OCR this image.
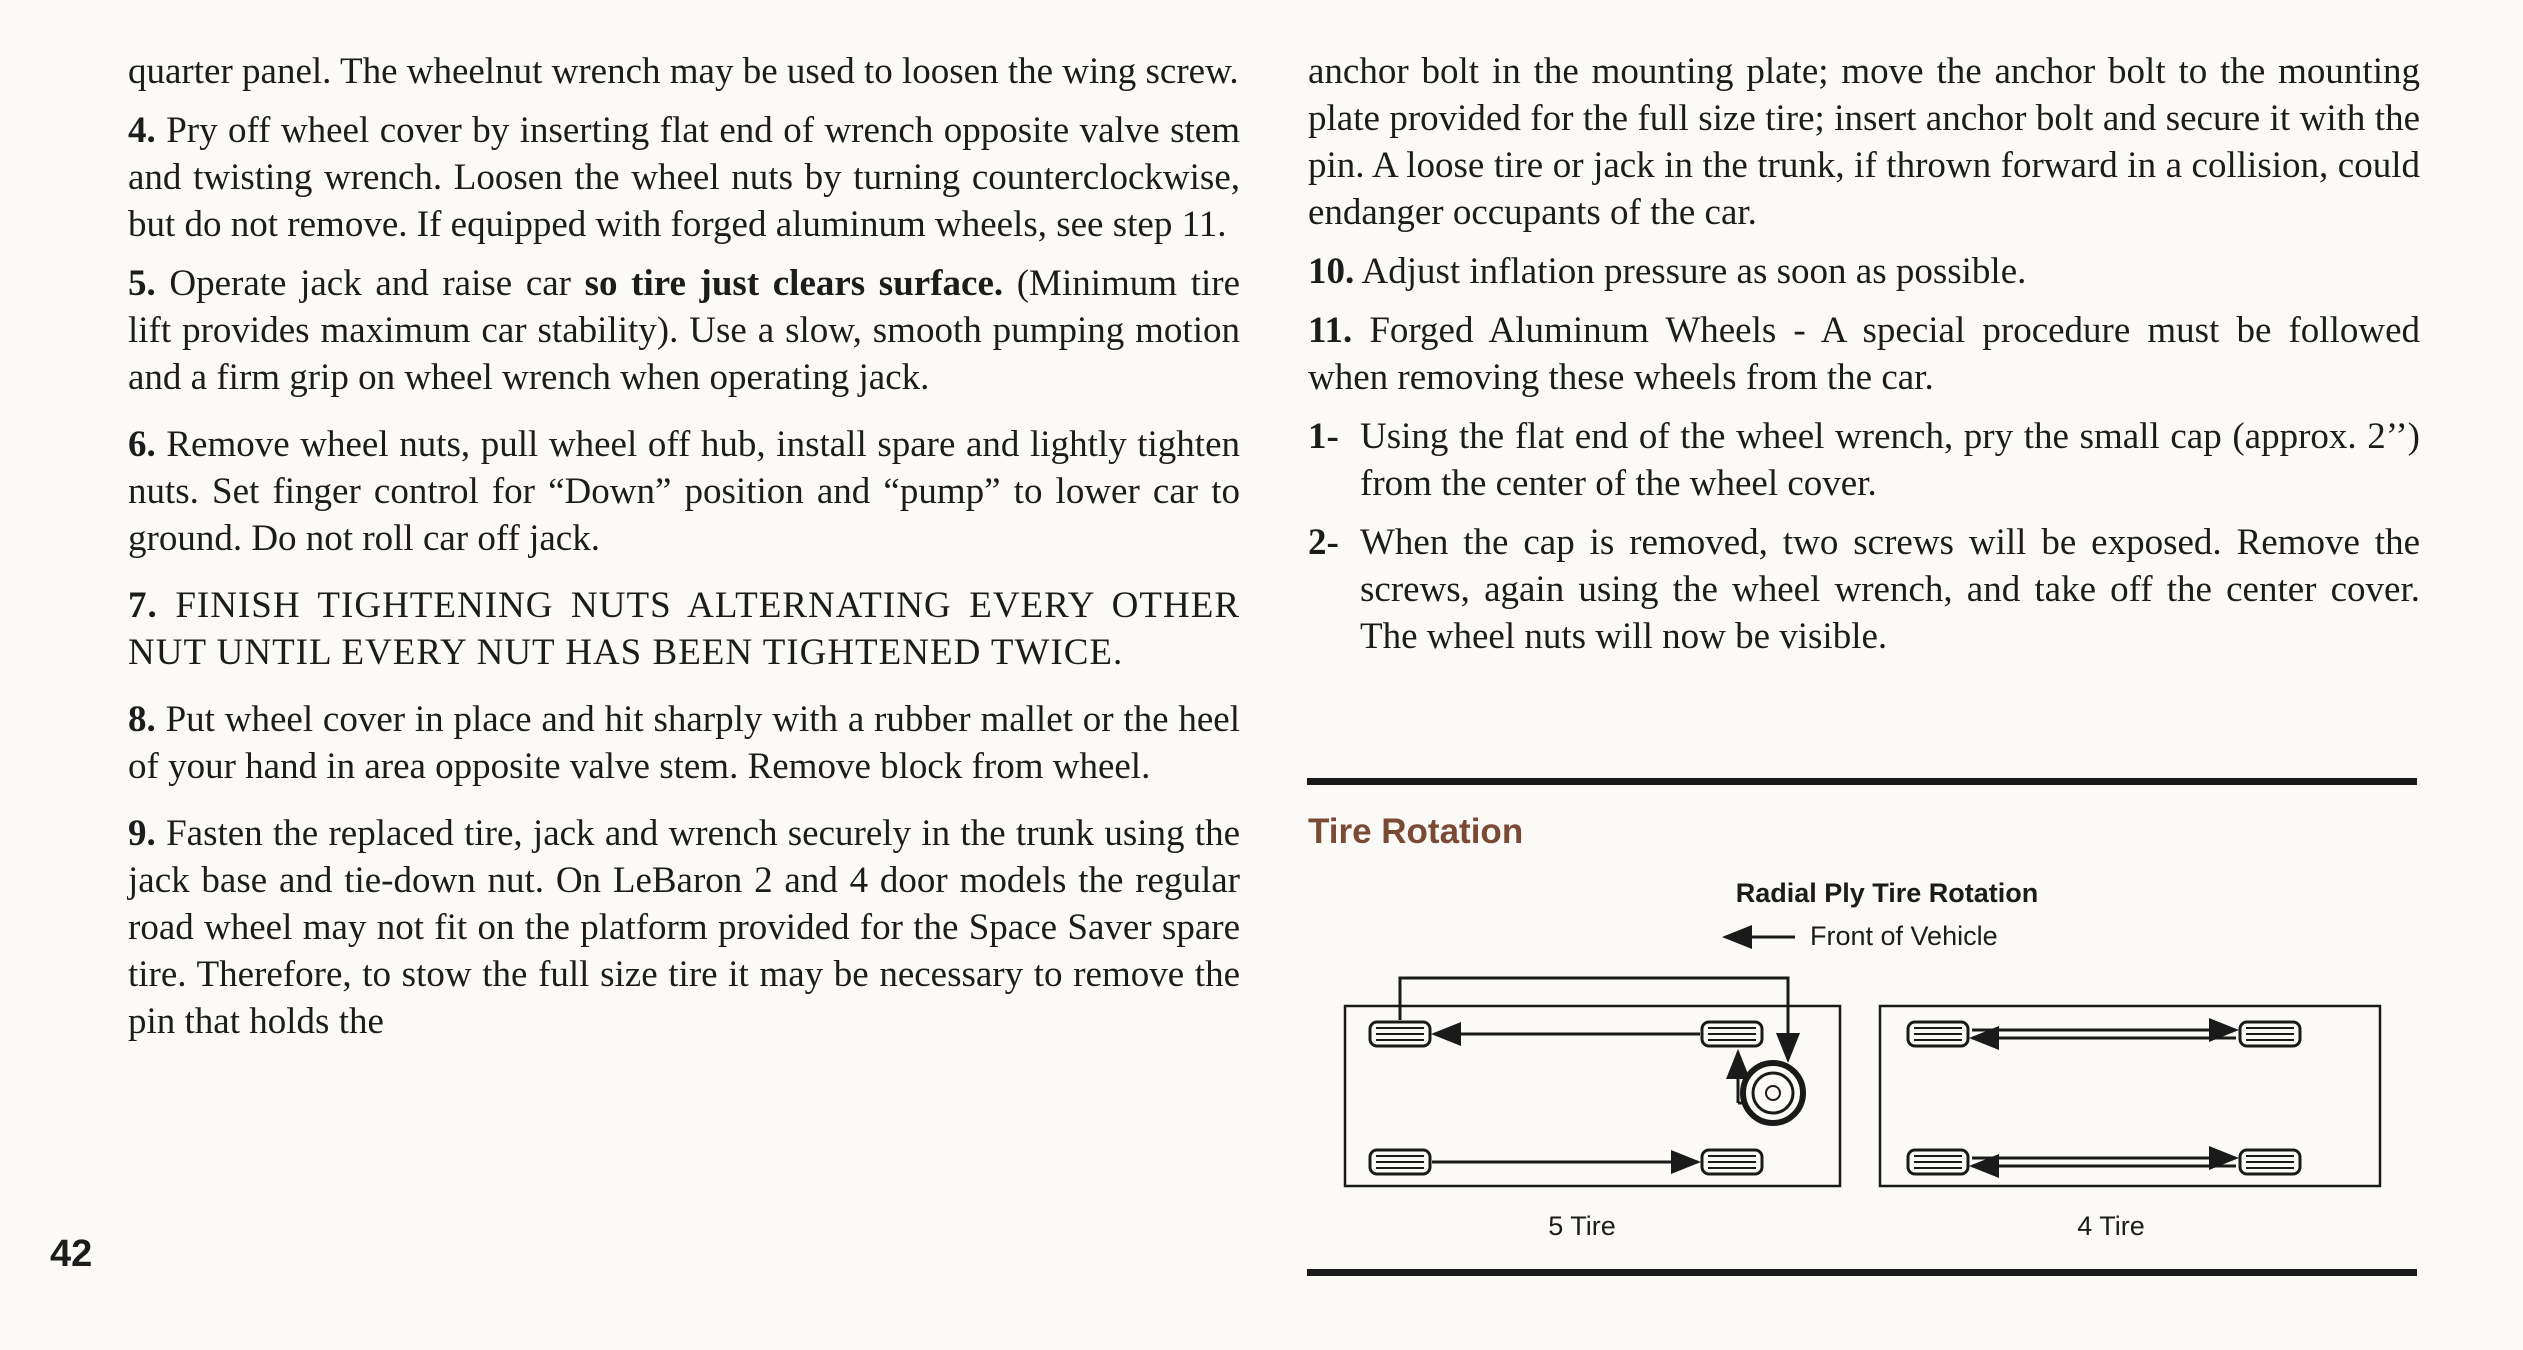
quarter panel. The wheelnut wrench may be used to loosen the wing screw.

4. Pry off wheel cover by inserting flat end of wrench opposite valve stem and twisting wrench. Loosen the wheel nuts by turning counterclockwise, but do not remove. If equipped with forged aluminum wheels, see step 11.

5. Operate jack and raise car so tire just clears surface. (Minimum tire lift provides maximum car stability). Use a slow, smooth pumping motion and a firm grip on wheel wrench when operating jack.

6. Remove wheel nuts, pull wheel off hub, install spare and lightly tighten nuts. Set finger control for “Down” position and “pump” to lower car to ground. Do not roll car off jack.

7. FINISH TIGHTENING NUTS ALTERNATING EVERY OTHER NUT UNTIL EVERY NUT HAS BEEN TIGHTENED TWICE.

8. Put wheel cover in place and hit sharply with a rubber mallet or the heel of your hand in area opposite valve stem. Remove block from wheel.

9. Fasten the replaced tire, jack and wrench securely in the trunk using the jack base and tie-down nut. On LeBaron 2 and 4 door models the regular road wheel may not fit on the platform provided for the Space Saver spare tire. Therefore, to stow the full size tire it may be necessary to remove the pin that holds the

42

anchor bolt in the mounting plate; move the anchor bolt to the mounting plate provided for the full size tire; insert anchor bolt and secure it with the pin. A loose tire or jack in the trunk, if thrown forward in a collision, could endanger occupants of the car.

10. Adjust inflation pressure as soon as possible.

11. Forged Aluminum Wheels - A special procedure must be followed when removing these wheels from the car.

1- Using the flat end of the wheel wrench, pry the small cap (approx. 2’’) from the center of the wheel cover.
2- When the cap is removed, two screws will be exposed. Remove the screws, again using the wheel wrench, and take off the center cover. The wheel nuts will now be visible.
Tire Rotation
Radial Ply Tire Rotation
Front of Vehicle
5 Tire	4 Tire
